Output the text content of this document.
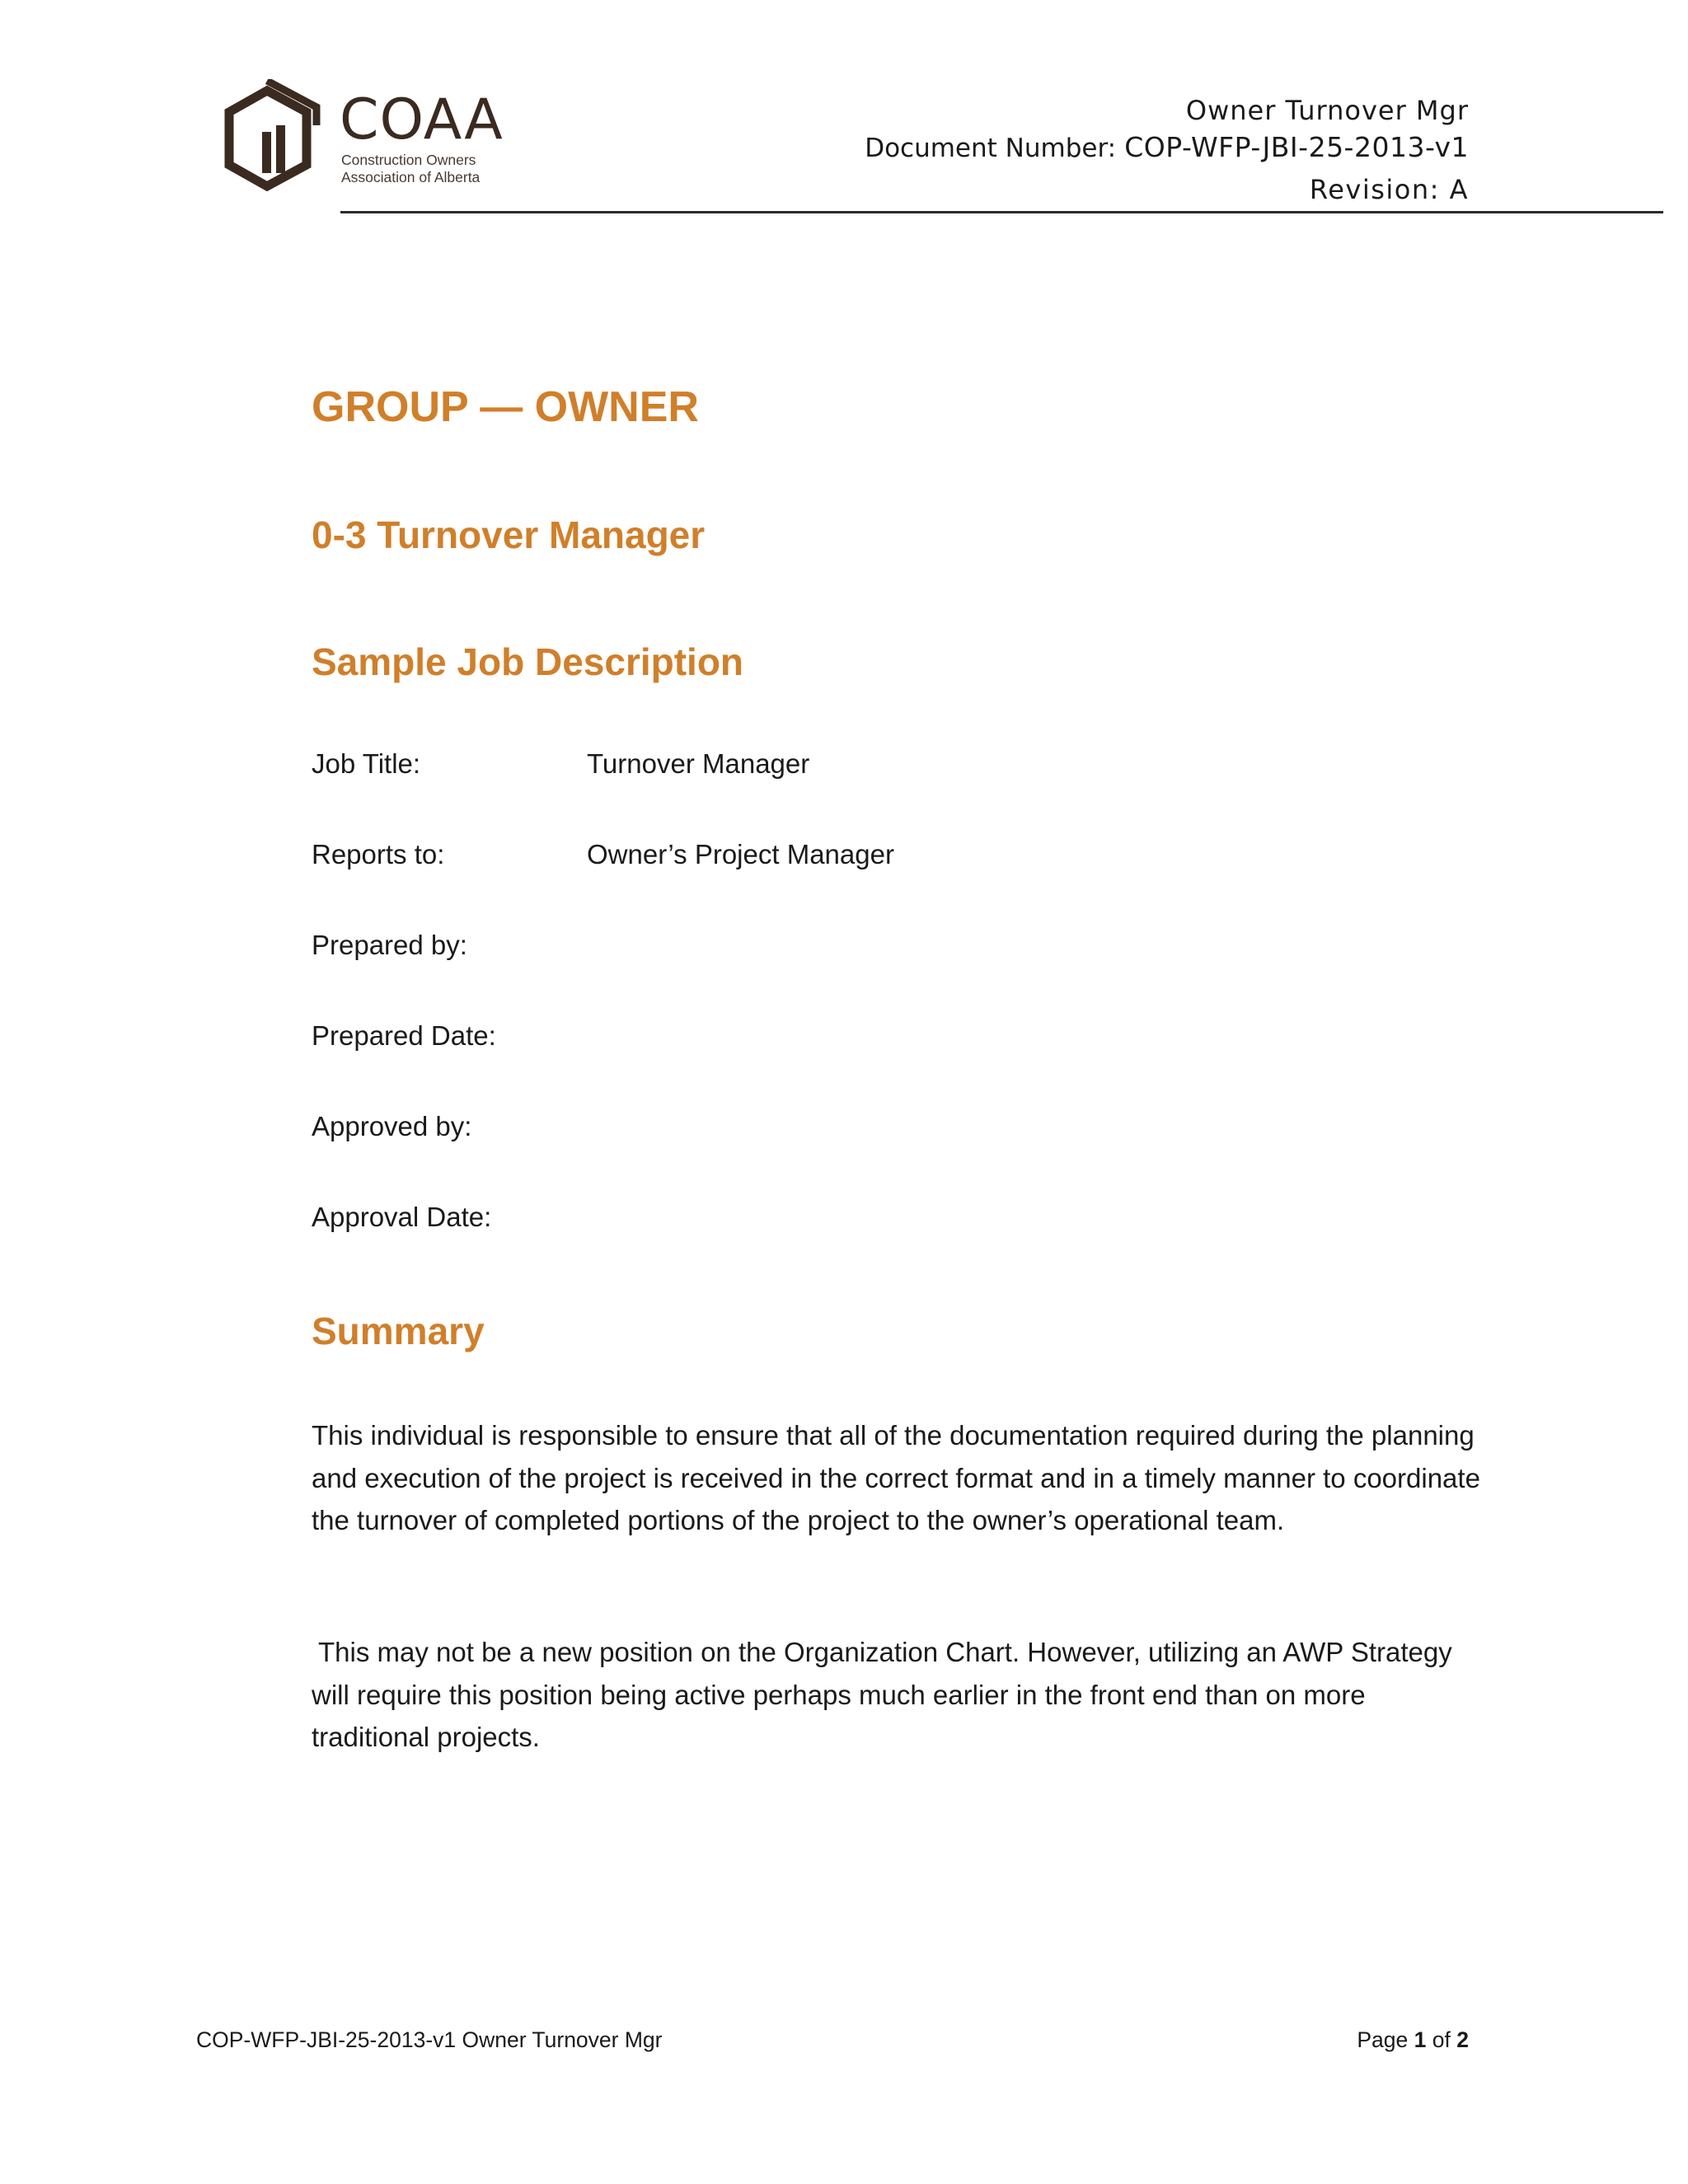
COAA
Construction Owners
Association of Alberta
Owner Turnover Mgr
Document Number: COP-WFP-JBI-25-2013-v1
Revision: A
GROUP — OWNER
0-3 Turnover Manager
Sample Job Description
Job Title:	Turnover Manager
Reports to:	Owner’s Project Manager
Prepared by:
Prepared Date:
Approved by:
Approval Date:
Summary

This individual is responsible to ensure that all of the documentation required during the planning and execution of the project is received in the correct format and in a timely manner to coordinate the turnover of completed portions of the project to the owner’s operational team.

This may not be a new position on the Organization Chart. However, utilizing an AWP Strategy will require this position being active perhaps much earlier in the front end than on more traditional projects.

COP-WFP-JBI-25-2013-v1 Owner Turnover Mgr	Page 1 of 2
